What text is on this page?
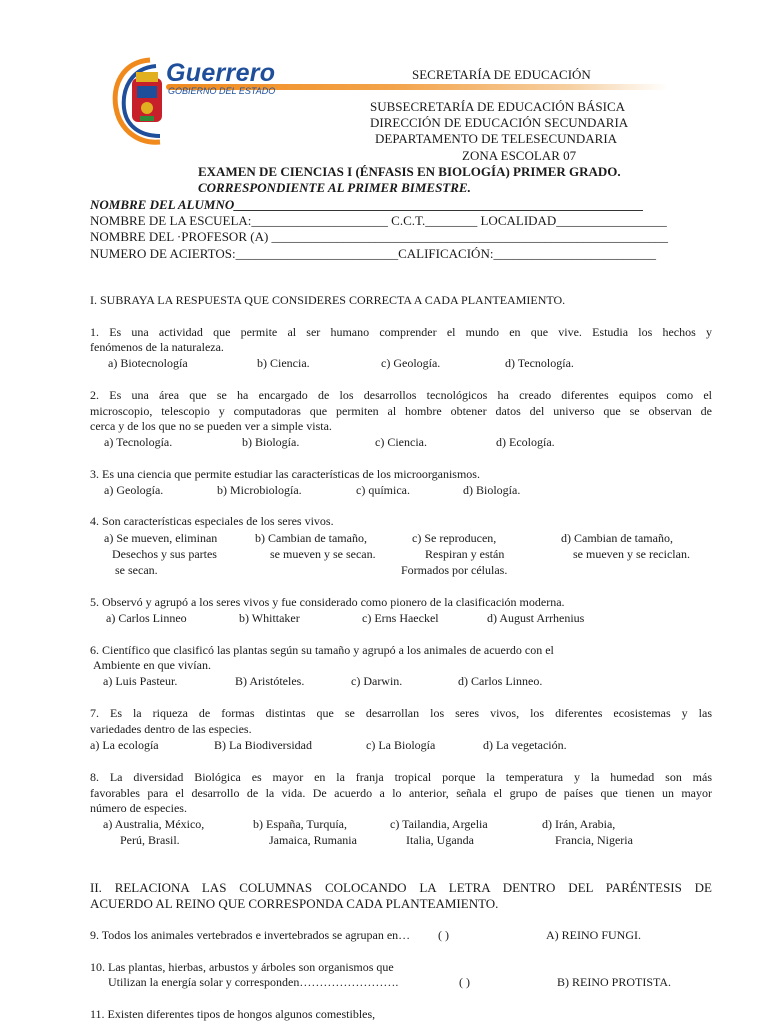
Guerrero
GOBIERNO DEL ESTADO
SECRETARÍA DE EDUCACIÓN
SUBSECRETARÍA DE EDUCACIÓN BÁSICA
DIRECCIÓN DE EDUCACIÓN SECUNDARIA
DEPARTAMENTO DE TELESECUNDARIA
ZONA ESCOLAR 07
EXAMEN DE CIENCIAS I (ÉNFASIS EN BIOLOGÍA) PRIMER GRADO.
CORRESPONDIENTE AL PRIMER BIMESTRE.
NOMBRE DEL ALUMNO_______________________________________________________________
NOMBRE DE LA ESCUELA:_____________________ C.C.T.________ LOCALIDAD_________________
NOMBRE DEL ·PROFESOR (A) _____________________________________________________________
NUMERO DE ACIERTOS:_________________________CALIFICACIÓN:_________________________
I. SUBRAYA LA RESPUESTA QUE CONSIDERES CORRECTA A CADA PLANTEAMIENTO.
1. Es una actividad que permite al ser humano comprender el mundo en que vive. Estudia los hechos y
fenómenos de la naturaleza.
a) Biotecnología	b) Ciencia.	c) Geología.	d) Tecnología.
2. Es una área que se ha encargado de los desarrollos tecnológicos ha creado diferentes equipos como el
microscopio, telescopio y computadoras que permiten al hombre obtener datos del universo que se observan de
cerca y de los que no se pueden ver a simple vista.
a) Tecnología.	b) Biología.	c) Ciencia.	d) Ecología.
3. Es una ciencia que permite estudiar las características de los microorganismos.
a) Geología.	b) Microbiología.	c) química.	d) Biología.
4. Son características especiales de los seres vivos.
a) Se mueven, eliminan
Desechos y sus partes
se secan.
b) Cambian de tamaño,
se mueven y se secan.
c) Se reproducen,
Respiran y están
Formados por células.
d) Cambian de tamaño,
se mueven y se reciclan.
5. Observó y agrupó a los seres vivos y fue considerado como pionero de la clasificación moderna.
a) Carlos Linneo	b) Whittaker	c) Erns Haeckel	d) August Arrhenius
6. Científico que clasificó las plantas según su tamaño y agrupó a los animales de acuerdo con el
Ambiente en que vivían.
a) Luis Pasteur.	B) Aristóteles.	c) Darwin.	d) Carlos Linneo.
7. Es la riqueza de formas distintas que se desarrollan los seres vivos, los diferentes ecosistemas y las
variedades dentro de las especies.
a) La ecología	B) La Biodiversidad	c) La Biología	d) La vegetación.
8. La diversidad Biológica es mayor en la franja tropical porque la temperatura y la humedad son más
favorables para el desarrollo de la vida. De acuerdo a lo anterior, señala el grupo de países que tienen un mayor
número de especies.
a) Australia, México,
Perú, Brasil.
b) España, Turquía,
Jamaica, Rumania
c) Tailandia, Argelia
Italia, Uganda
d) Irán, Arabia,
Francia, Nigeria
II. RELACIONA LAS COLUMNAS COLOCANDO LA LETRA DENTRO DEL PARÉNTESIS DE
ACUERDO AL REINO QUE CORRESPONDA CADA PLANTEAMIENTO.
9. Todos los animales vertebrados e invertebrados se agrupan en… ( )	A) REINO FUNGI.
10. Las plantas, hierbas, arbustos y árboles son organismos que
Utilizan la energía solar y corresponden…………………….	( )	B) REINO PROTISTA.
11. Existen diferentes tipos de hongos algunos comestibles,
